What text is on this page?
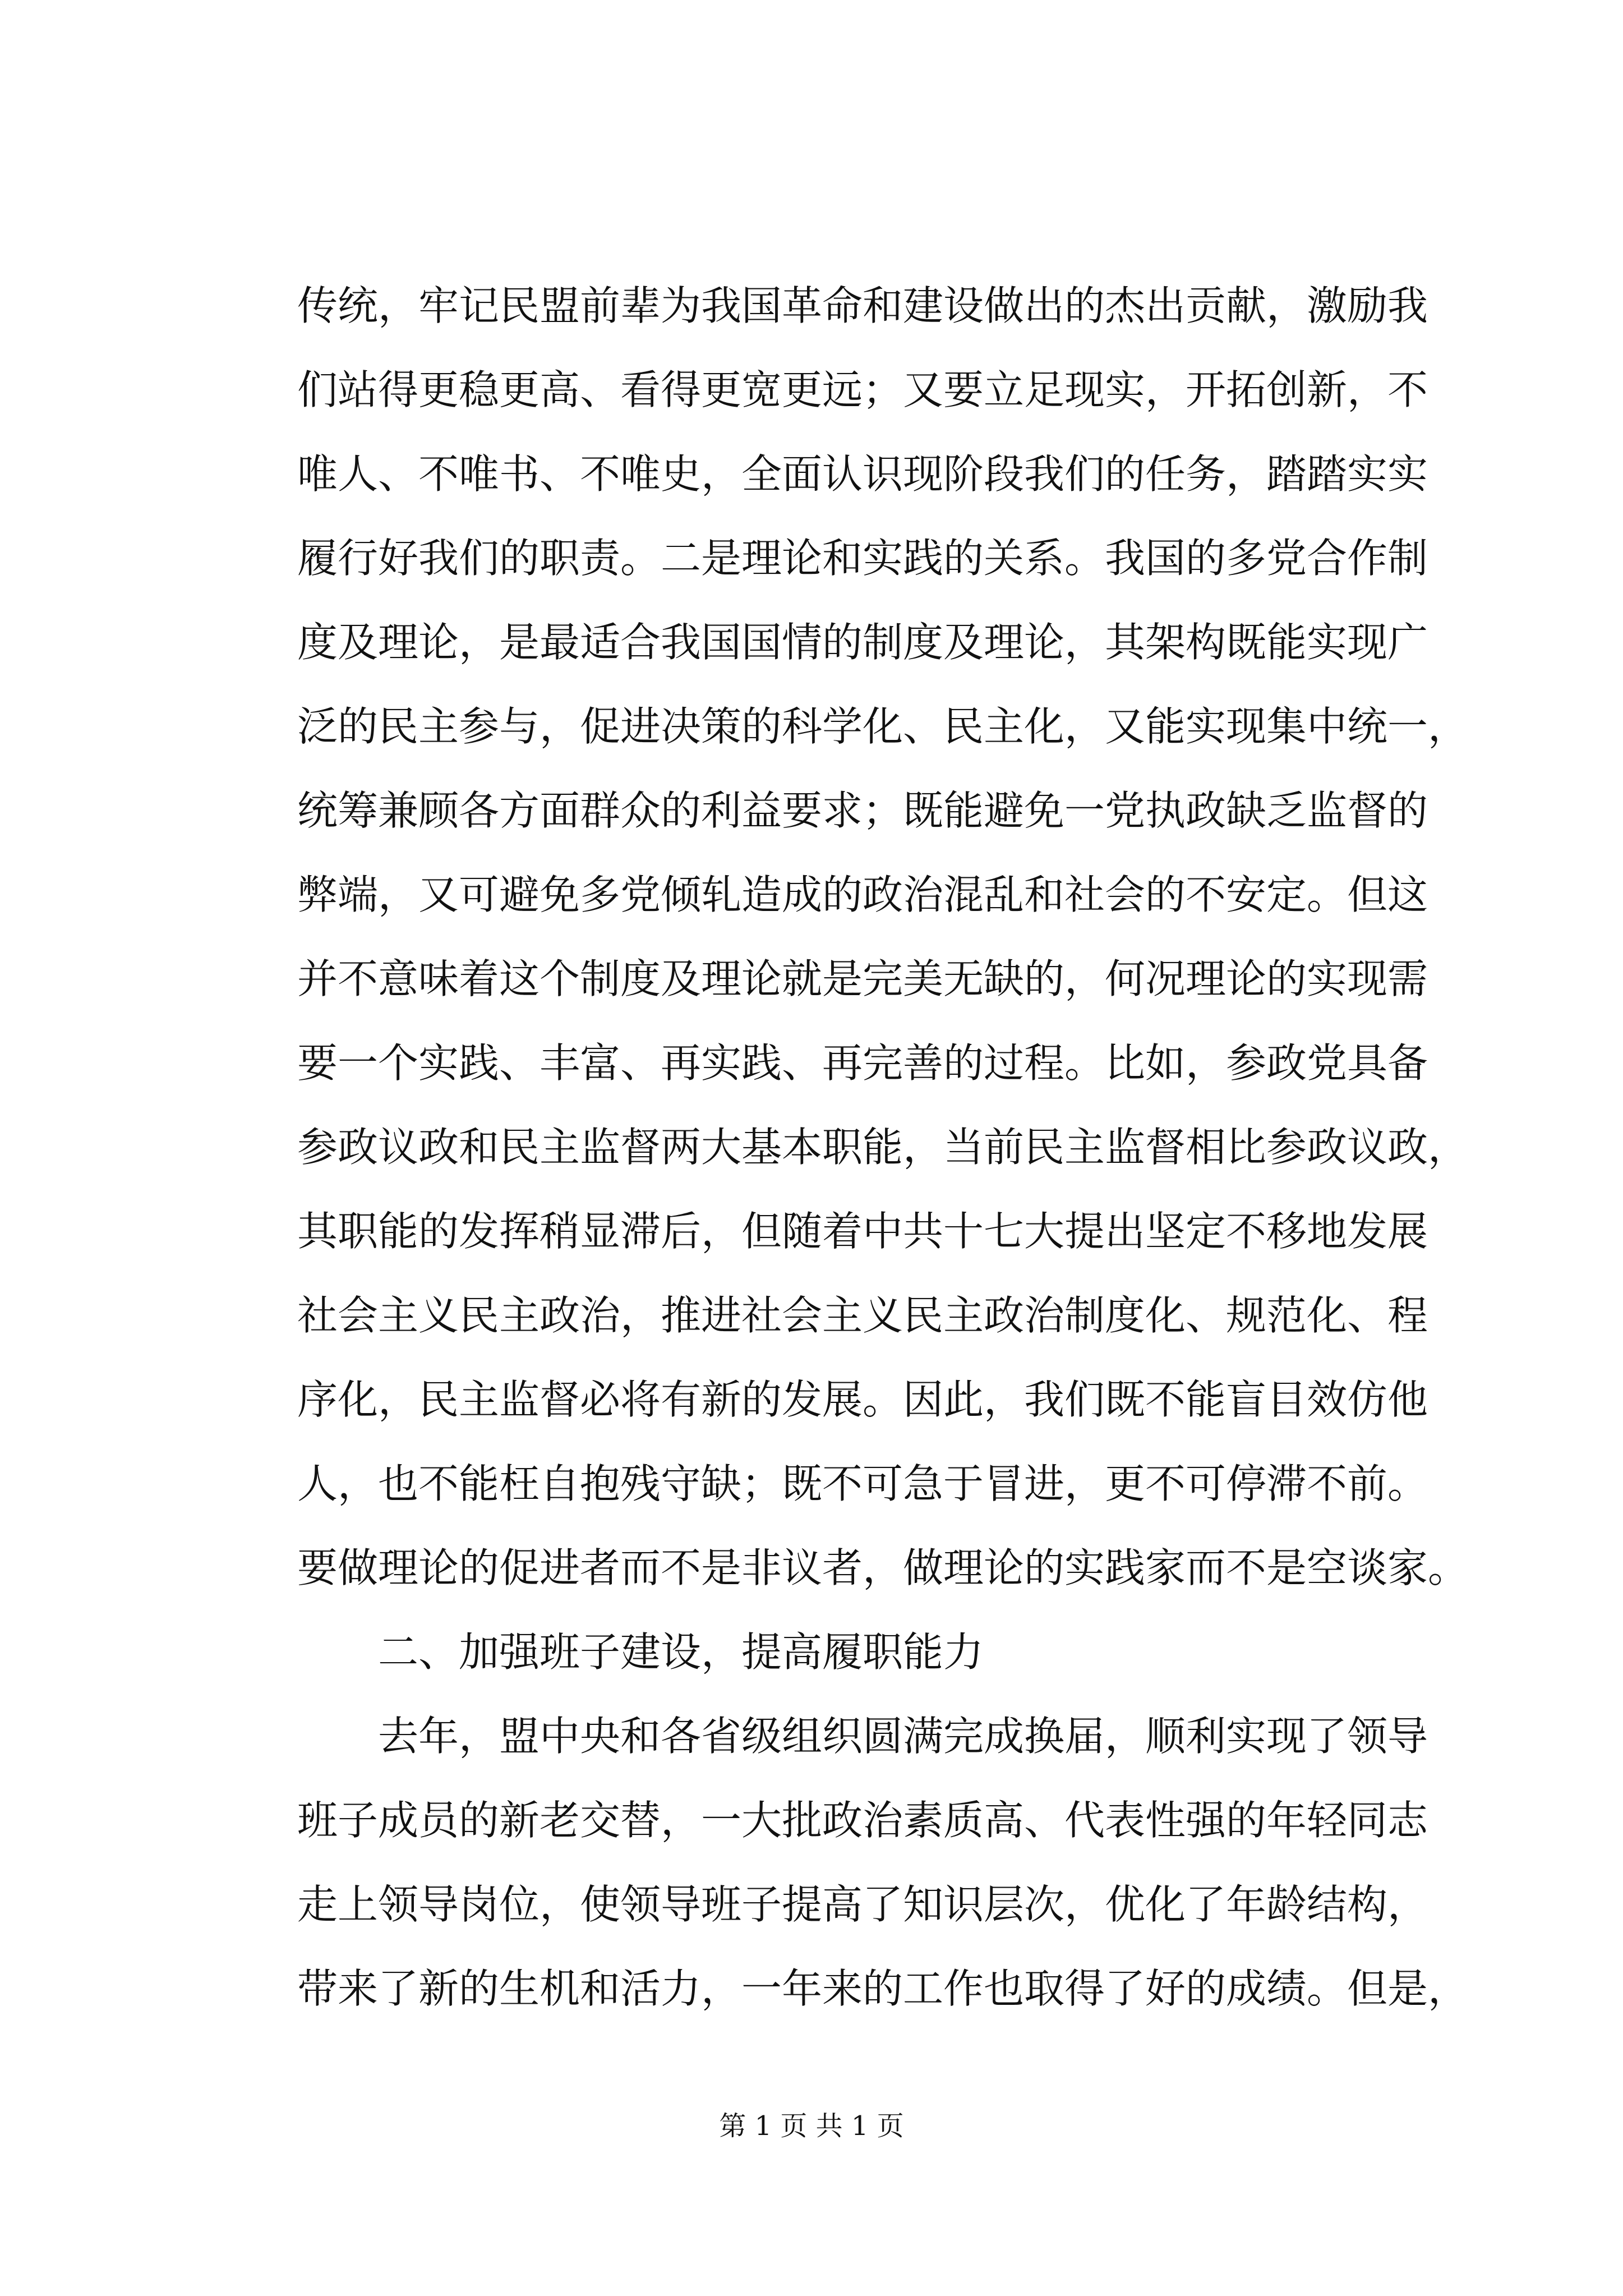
传统，牢记民盟前辈为我国革命和建设做出的杰出贡献，激励我
们站得更稳更高、看得更宽更远；又要立足现实，开拓创新，不
唯人、不唯书、不唯史，全面认识现阶段我们的任务，踏踏实实
履行好我们的职责。二是理论和实践的关系。我国的多党合作制
度及理论，是最适合我国国情的制度及理论，其架构既能实现广
泛的民主参与，促进决策的科学化、民主化，又能实现集中统一，
统筹兼顾各方面群众的利益要求；既能避免一党执政缺乏监督的
弊端，又可避免多党倾轧造成的政治混乱和社会的不安定。但这
并不意味着这个制度及理论就是完美无缺的，何况理论的实现需
要一个实践、丰富、再实践、再完善的过程。比如，参政党具备
参政议政和民主监督两大基本职能，当前民主监督相比参政议政，
其职能的发挥稍显滞后，但随着中共十七大提出坚定不移地发展
社会主义民主政治，推进社会主义民主政治制度化、规范化、程
序化，民主监督必将有新的发展。因此，我们既不能盲目效仿他
人，也不能枉自抱残守缺；既不可急于冒进，更不可停滞不前。
要做理论的促进者而不是非议者，做理论的实践家而不是空谈家。
二、加强班子建设，提高履职能力
去年，盟中央和各省级组织圆满完成换届，顺利实现了领导
班子成员的新老交替，一大批政治素质高、代表性强的年轻同志
走上领导岗位，使领导班子提高了知识层次，优化了年龄结构，
带来了新的生机和活力，一年来的工作也取得了好的成绩。但是，
第 1 页 共 1 页
